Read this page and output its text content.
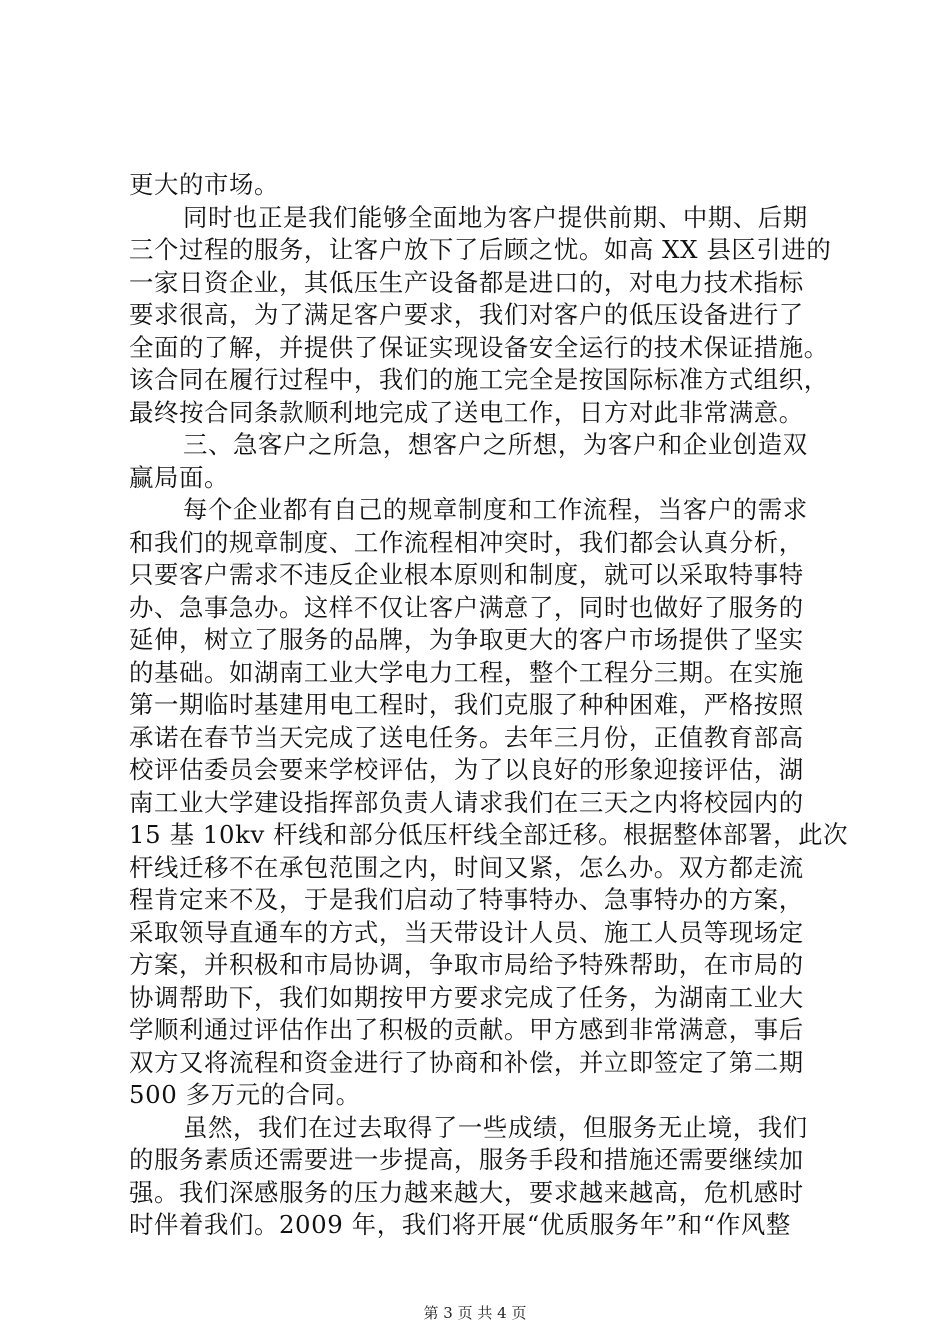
更大的市场。
同时也正是我们能够全面地为客户提供前期、中期、后期
三个过程的服务，让客户放下了后顾之忧。如高 XX 县区引进的
一家日资企业，其低压生产设备都是进口的，对电力技术指标
要求很高，为了满足客户要求，我们对客户的低压设备进行了
全面的了解，并提供了保证实现设备安全运行的技术保证措施。
该合同在履行过程中，我们的施工完全是按国际标准方式组织，
最终按合同条款顺利地完成了送电工作，日方对此非常满意。
三、急客户之所急，想客户之所想，为客户和企业创造双
赢局面。
每个企业都有自己的规章制度和工作流程，当客户的需求
和我们的规章制度、工作流程相冲突时，我们都会认真分析，
只要客户需求不违反企业根本原则和制度，就可以采取特事特
办、急事急办。这样不仅让客户满意了，同时也做好了服务的
延伸，树立了服务的品牌，为争取更大的客户市场提供了坚实
的基础。如湖南工业大学电力工程，整个工程分三期。在实施
第一期临时基建用电工程时，我们克服了种种困难，严格按照
承诺在春节当天完成了送电任务。去年三月份，正值教育部高
校评估委员会要来学校评估，为了以良好的形象迎接评估，湖
南工业大学建设指挥部负责人请求我们在三天之内将校园内的
15 基 10kv 杆线和部分低压杆线全部迁移。根据整体部署，此次
杆线迁移不在承包范围之内，时间又紧，怎么办。双方都走流
程肯定来不及，于是我们启动了特事特办、急事特办的方案，
采取领导直通车的方式，当天带设计人员、施工人员等现场定
方案，并积极和市局协调，争取市局给予特殊帮助，在市局的
协调帮助下，我们如期按甲方要求完成了任务，为湖南工业大
学顺利通过评估作出了积极的贡献。甲方感到非常满意，事后
双方又将流程和资金进行了协商和补偿，并立即签定了第二期
500 多万元的合同。
虽然，我们在过去取得了一些成绩，但服务无止境，我们
的服务素质还需要进一步提高，服务手段和措施还需要继续加
强。我们深感服务的压力越来越大，要求越来越高，危机感时
时伴着我们。2009 年，我们将开展“优质服务年”和“作风整
第 3 页 共 4 页
